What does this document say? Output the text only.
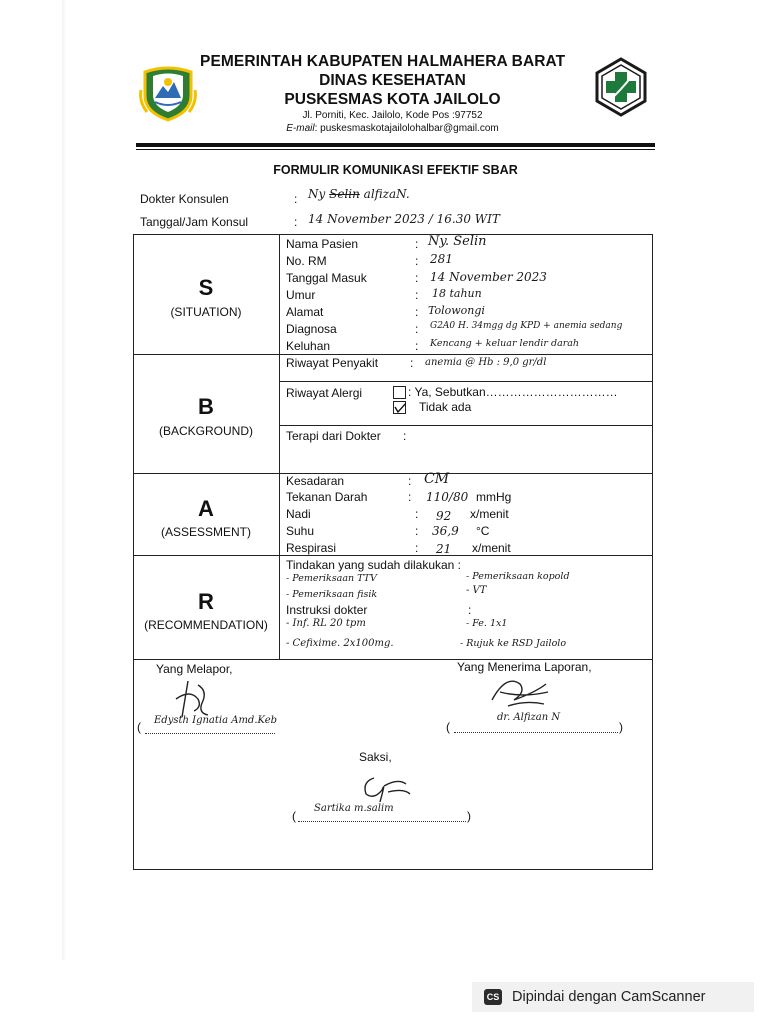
PEMERINTAH KABUPATEN HALMAHERA BARAT
DINAS KESEHATAN
PUSKESMAS KOTA JAILOLO
Jl. Porniti, Kec. Jailolo, Kode Pos :97752
E-mail: puskesmaskotajailolohalbar@gmail.com
FORMULIR KOMUNIKASI EFEKTIF SBAR
Dokter Konsulen	: Ny Selin alfizaN.
Tanggal/Jam Konsul	: 14 November 2023 / 16.30 WIT
S
(SITUATION)
Nama Pasien	: Ny. Selin
No. RM	: 281
Tanggal Masuk	: 14 November 2023
Umur	: 18 tahun
Alamat	: Tolowongi
Diagnosa	: G2A0 H. 34mgg dg KPD + anemia sedang
Keluhan	: Kencang + keluar lendir darah
B
(BACKGROUND)
Riwayat Penyakit	: anemia @ Hb : 9,0 gr/dl
Riwayat Alergi	: Ya, Sebutkan……………………………
Tidak ada
Terapi dari Dokter :
A
(ASSESSMENT)
Kesadaran	: CM
Tekanan Darah	: 110/80 mmHg
Nadi	: 92 x/menit
Suhu	: 36,9 °C
Respirasi	: 21 x/menit
R
(RECOMMENDATION)
Tindakan yang sudah dilakukan :
- Pemeriksaan TTV
- Pemeriksaan fisik
- Pemeriksaan kopold
- VT
Instruksi dokter	:
- Inf. RL 20 tpm
- Cefixime. 2x100mg.
- Fe. 1x1
- Rujuk ke RSD Jailolo
Yang Melapor,
( Edysth Ignatia Amd.Keb
Yang Menerima Laporan,
(
dr. Alfizan N
)
Saksi,
(
Sartika m.salim
)
CS Dipindai dengan CamScanner
